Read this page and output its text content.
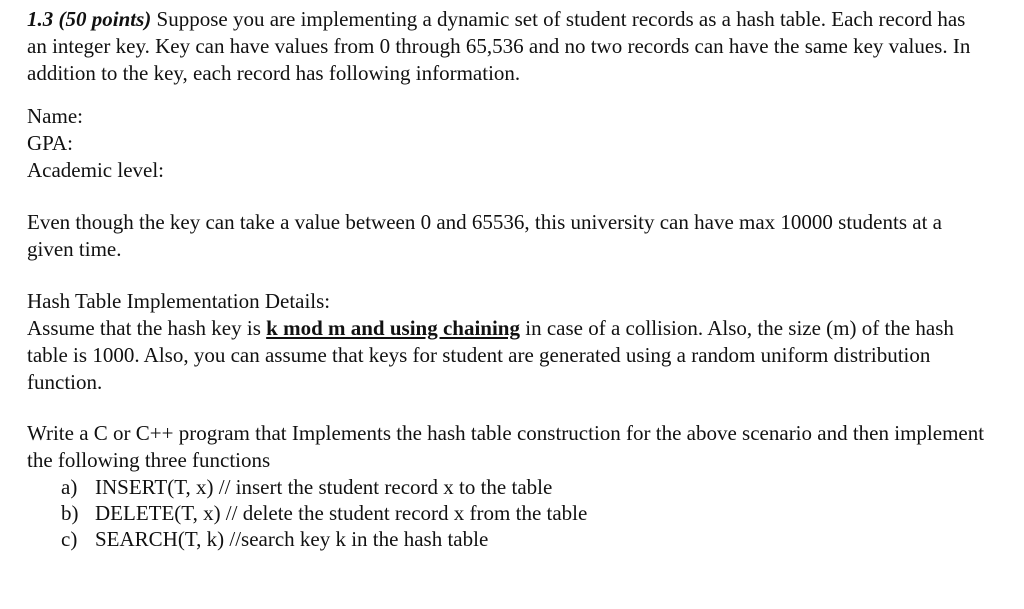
1.3 (50 points) Suppose you are implementing a dynamic set of student records as a hash table. Each record has an integer key. Key can have values from 0 through 65,536 and no two records can have the same key values. In addition to the key, each record has following information.

Name:

GPA:

Academic level:

Even though the key can take a value between 0 and 65536, this university can have max 10000 students at a given time.

Hash Table Implementation Details:

Assume that the hash key is k mod m and using chaining in case of a collision. Also, the size (m) of the hash table is 1000. Also, you can assume that keys for student are generated using a random uniform distribution function.

Write a C or C++ program that Implements the hash table construction for the above scenario and then implement the following three functions

a) INSERT(T, x) // insert the student record x to the table
b) DELETE(T, x) // delete the student record x from the table
c) SEARCH(T, k) //search key k in the hash table
